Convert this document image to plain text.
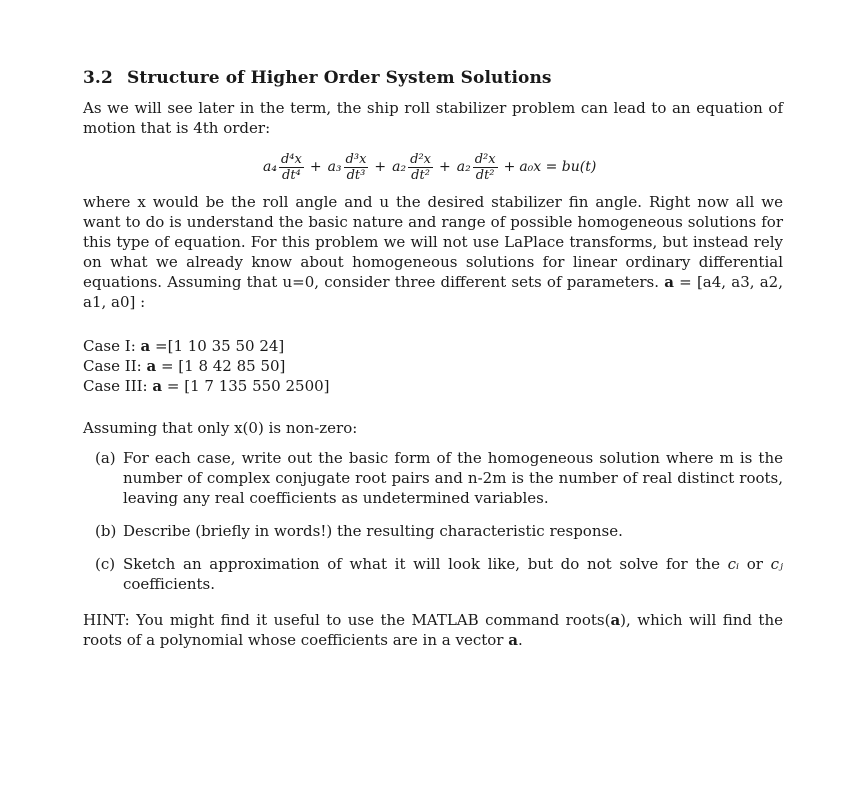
3.2 Structure of Higher Order System Solutions

As we will see later in the term, the ship roll stabilizer problem can lead to an equation of motion that is 4th order:

$a_4 \frac{\text{d⁴x}}{\text{dt⁴}} + a_3 \frac{\text{d³x}}{\text{dt³}} + a_2 \frac{\text{d²x}}{\text{dt²}} + a_2 \frac{\text{d²x}}{\text{dt²}} + a_0x = bu(t)$

where x would be the roll angle and u the desired stabilizer fin angle. Right now all we want to do is understand the basic nature and range of possible homogeneous solutions for this type of equation. For this problem we will not use LaPlace transforms, but instead rely on what we already know about homogeneous solutions for linear ordinary differential equations. Assuming that u=0, consider three different sets of parameters. a = [a4, a3, a2, a1, a0] :

Case I: a =[1 10 35 50 24]
Case II: a = [1 8 42 85 50]
Case III: a = [1 7 135 550 2500]
Assuming that only x(0) is non-zero:
(a) For each case, write out the basic form of the homogeneous solution where m is the number of complex conjugate root pairs and n-2m is the number of real distinct roots, leaving any real coefficients as undetermined variables.
(b) Describe (briefly in words!) the resulting characteristic response.
(c) Sketch an approximation of what it will look like, but do not solve for the cᵢ or cⱼ coefficients.

HINT: You might find it useful to use the MATLAB command roots(a), which will find the roots of a polynomial whose coefficients are in a vector a.
